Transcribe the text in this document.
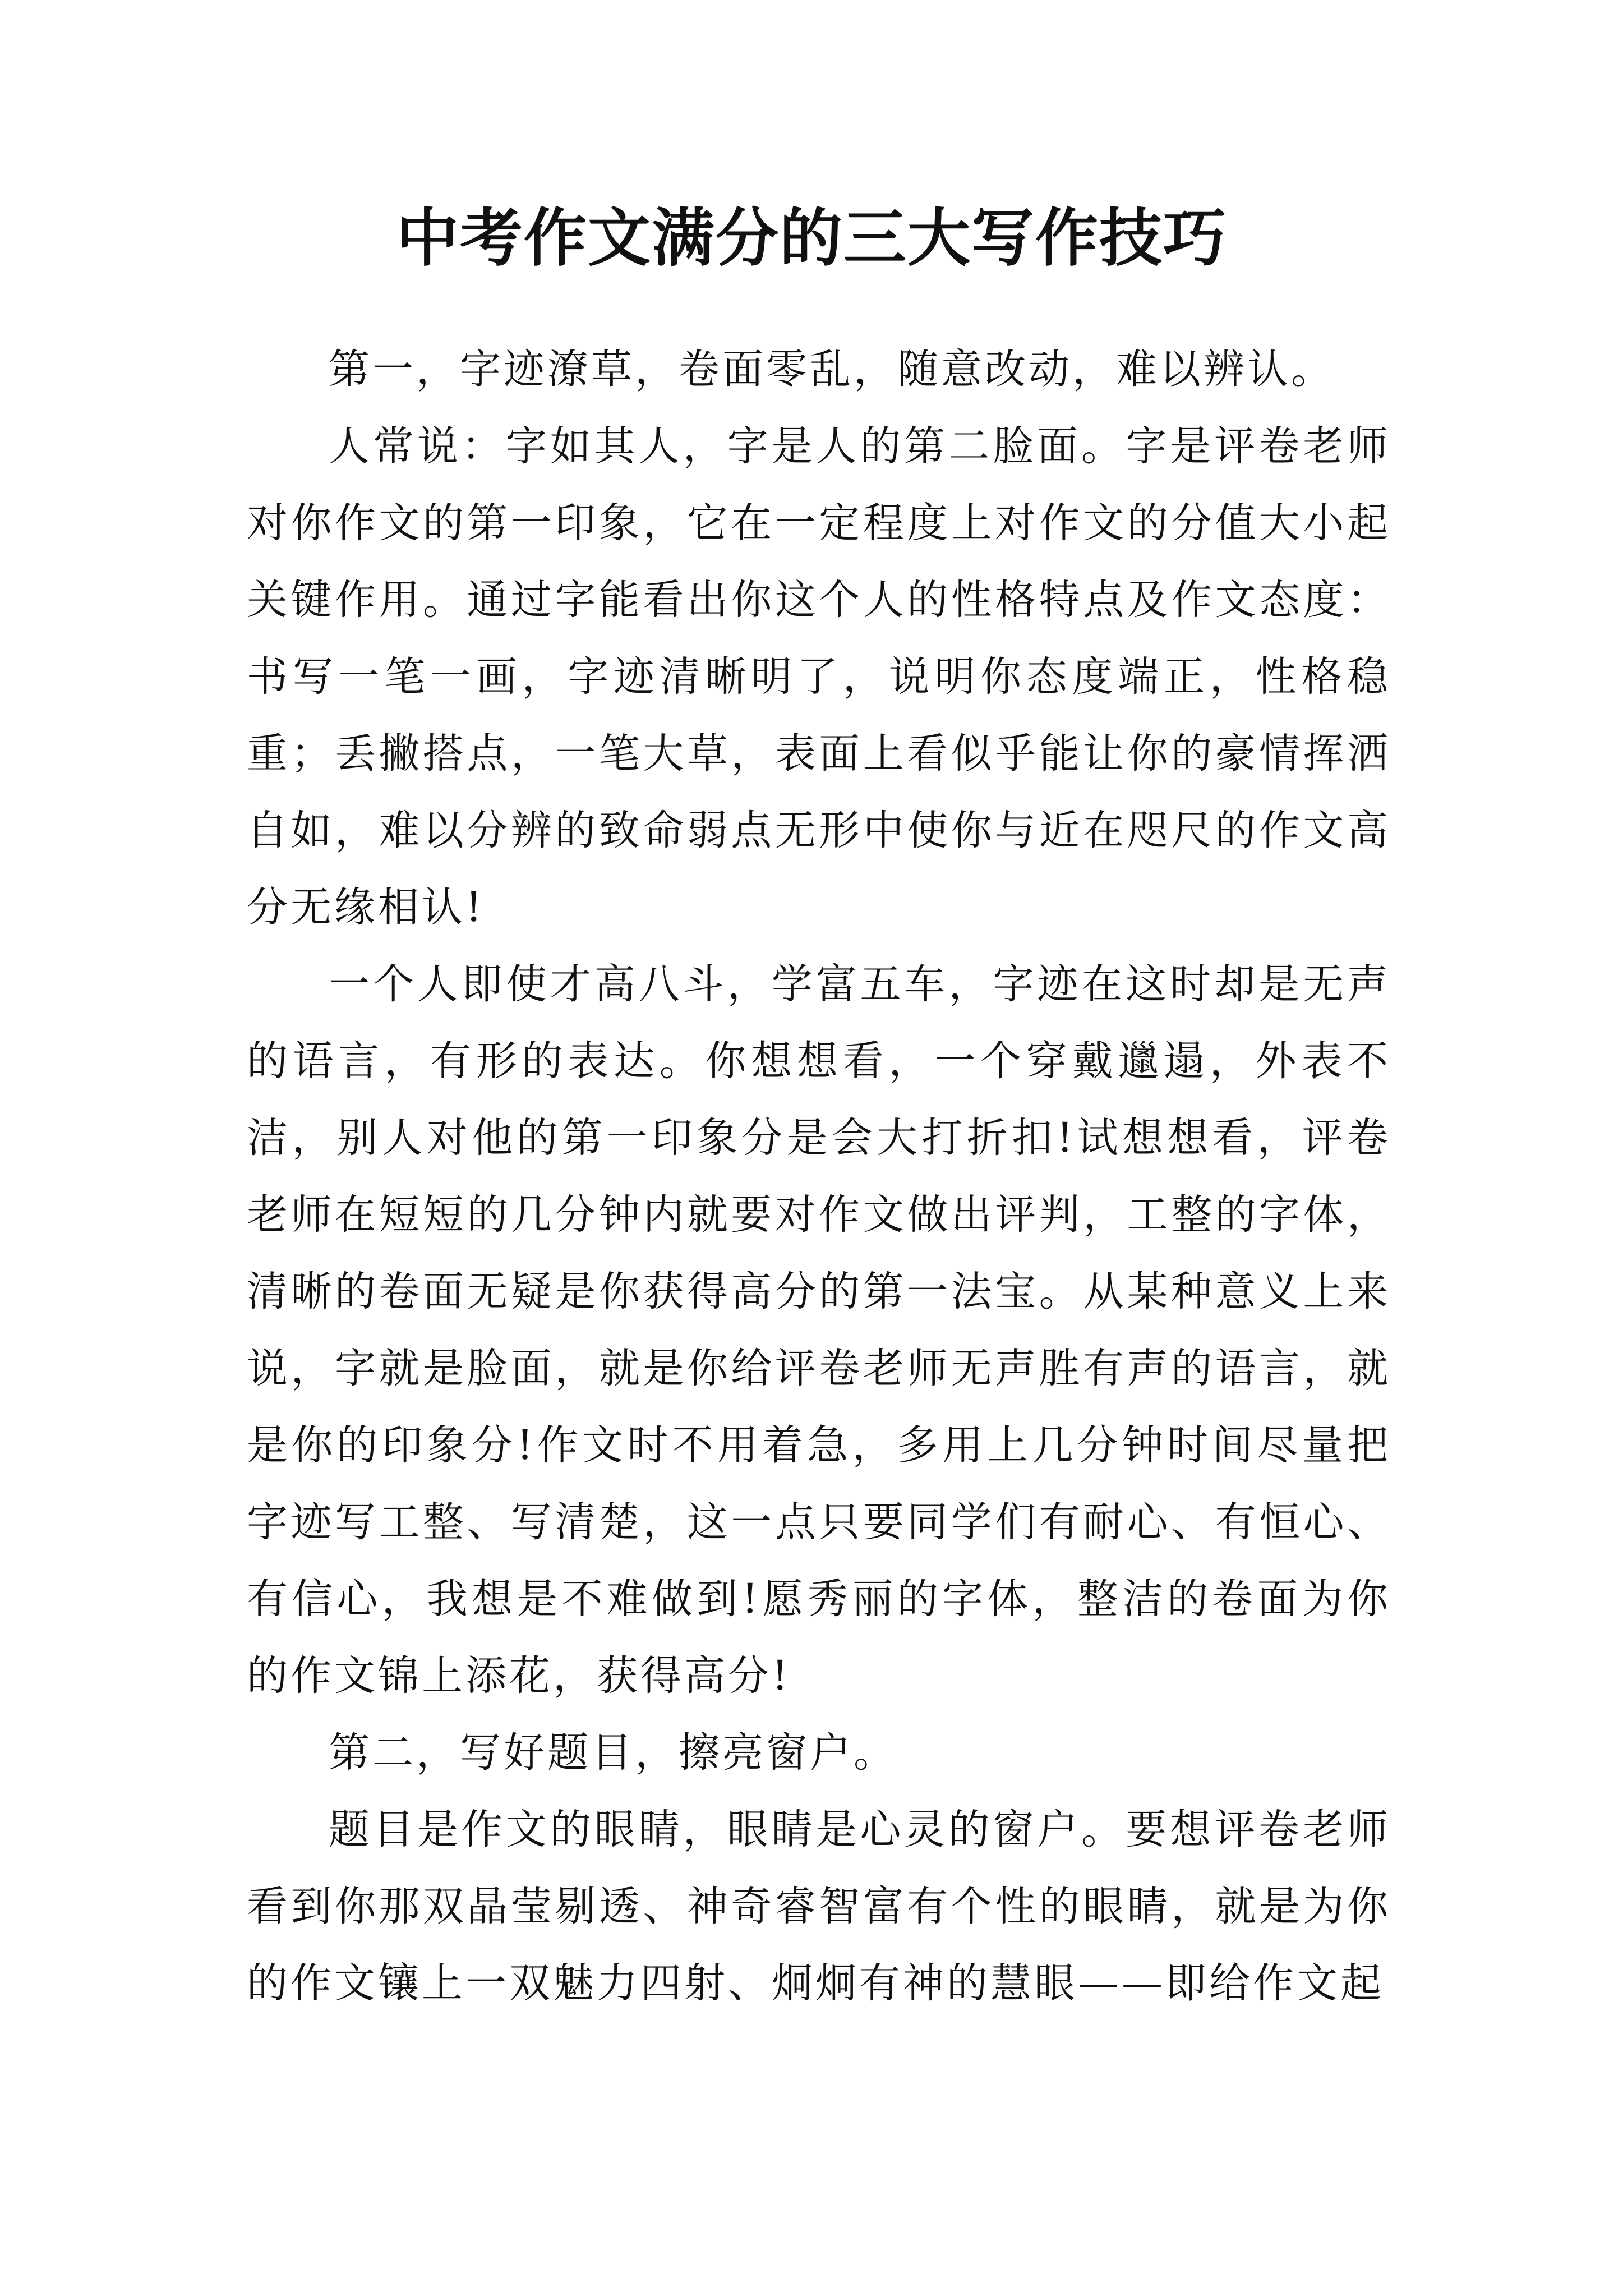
中考作文满分的三大写作技巧

第一，字迹潦草，卷面零乱，随意改动，难以辨认。

人常说：字如其人，字是人的第二脸面。字是评卷老师对你作文的第一印象，它在一定程度上对作文的分值大小起关键作用。通过字能看出你这个人的性格特点及作文态度：书写一笔一画，字迹清晰明了，说明你态度端正，性格稳重；丢撇搭点，一笔大草，表面上看似乎能让你的豪情挥洒自如，难以分辨的致命弱点无形中使你与近在咫尺的作文高分无缘相认!

一个人即使才高八斗，学富五车，字迹在这时却是无声的语言，有形的表达。你想想看，一个穿戴邋遢，外表不洁，别人对他的第一印象分是会大打折扣!试想想看，评卷老师在短短的几分钟内就要对作文做出评判，工整的字体，清晰的卷面无疑是你获得高分的第一法宝。从某种意义上来说，字就是脸面，就是你给评卷老师无声胜有声的语言，就是你的印象分!作文时不用着急，多用上几分钟时间尽量把字迹写工整、写清楚，这一点只要同学们有耐心、有恒心、有信心，我想是不难做到!愿秀丽的字体，整洁的卷面为你的作文锦上添花，获得高分!

第二，写好题目，擦亮窗户。

题目是作文的眼睛，眼睛是心灵的窗户。要想评卷老师看到你那双晶莹剔透、神奇睿智富有个性的眼睛，就是为你的作文镶上一双魅力四射、炯炯有神的慧眼——即给作文起
